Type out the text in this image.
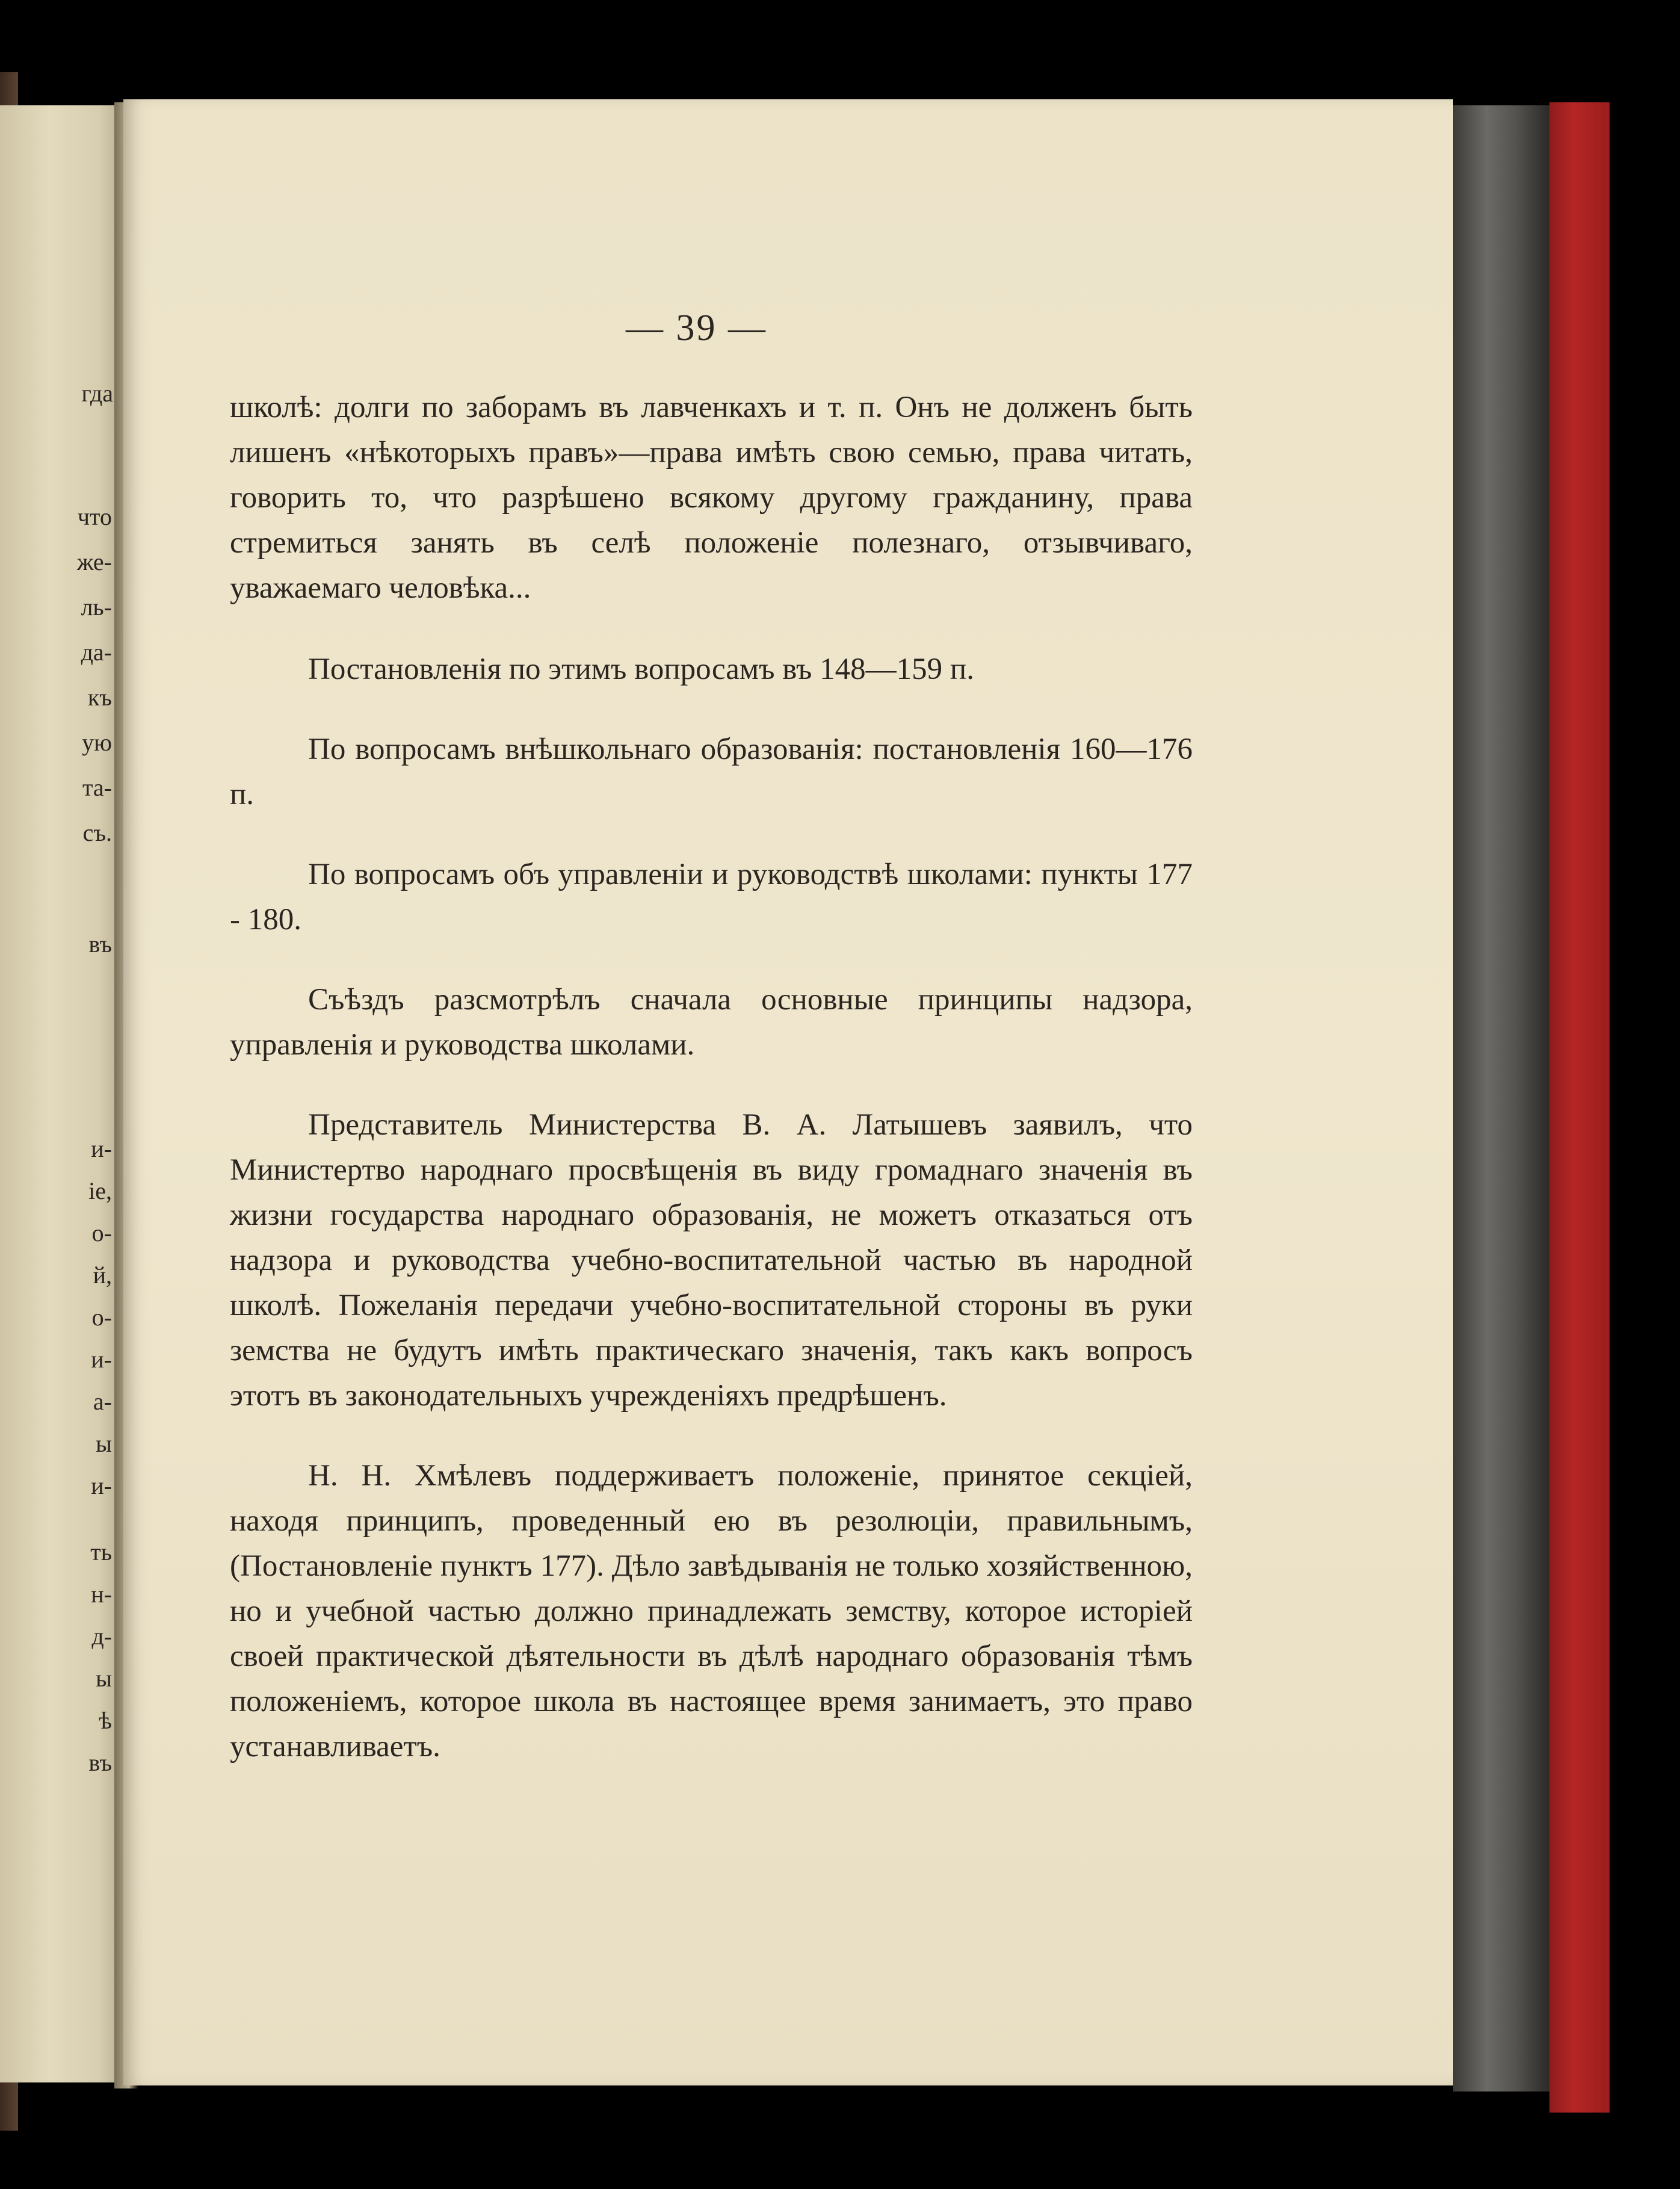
гда
что
же-
ль-
да-
къ
ую
та-
съ.
въ
и-
іе,
о-
й,
о-
и-
а-
ы
и-
ть
н-
д-
ы
ѣ
въ
— 39 —

школѣ: долги по заборамъ въ лавченкахъ и т. п. Онъ не долженъ быть лишенъ «нѣкоторыхъ правъ»—права имѣть свою семью, права читать, говорить то, что разрѣшено всякому другому гражданину, права стремиться занять въ селѣ положеніе полезнаго, отзывчиваго, уважаемаго человѣка...

Постановленія по этимъ вопросамъ въ 148—159 п.

По вопросамъ внѣшкольнаго образованія: постановленія 160—176 п.

По вопросамъ объ управленіи и руководствѣ школами: пункты 177 - 180.

Съѣздъ разсмотрѣлъ сначала основные принципы надзора, управленія и руководства школами.

Представитель Министерства В. А. Латышевъ заявилъ, что Министертво народнаго просвѣщенія въ виду громаднаго значенія въ жизни государства народнаго образованія, не можетъ отказаться отъ надзора и руководства учебно-воспитательной частью въ народной школѣ. Пожеланія передачи учебно-воспитательной стороны въ руки земства не будутъ имѣть практическаго значенія, такъ какъ вопросъ этотъ въ законодательныхъ учрежденіяхъ предрѣшенъ.

Н. Н. Хмѣлевъ поддерживаетъ положеніе, принятое секціей, находя принципъ, проведенный ею въ резолюціи, правильнымъ, (Постановленіе пунктъ 177). Дѣло завѣдыванія не только хозяйственною, но и учебной частью должно принадлежать земству, которое исторіей своей практической дѣятельности въ дѣлѣ народнаго образованія тѣмъ положеніемъ, которое школа въ настоящее время занимаетъ, это право устанавливаетъ.
